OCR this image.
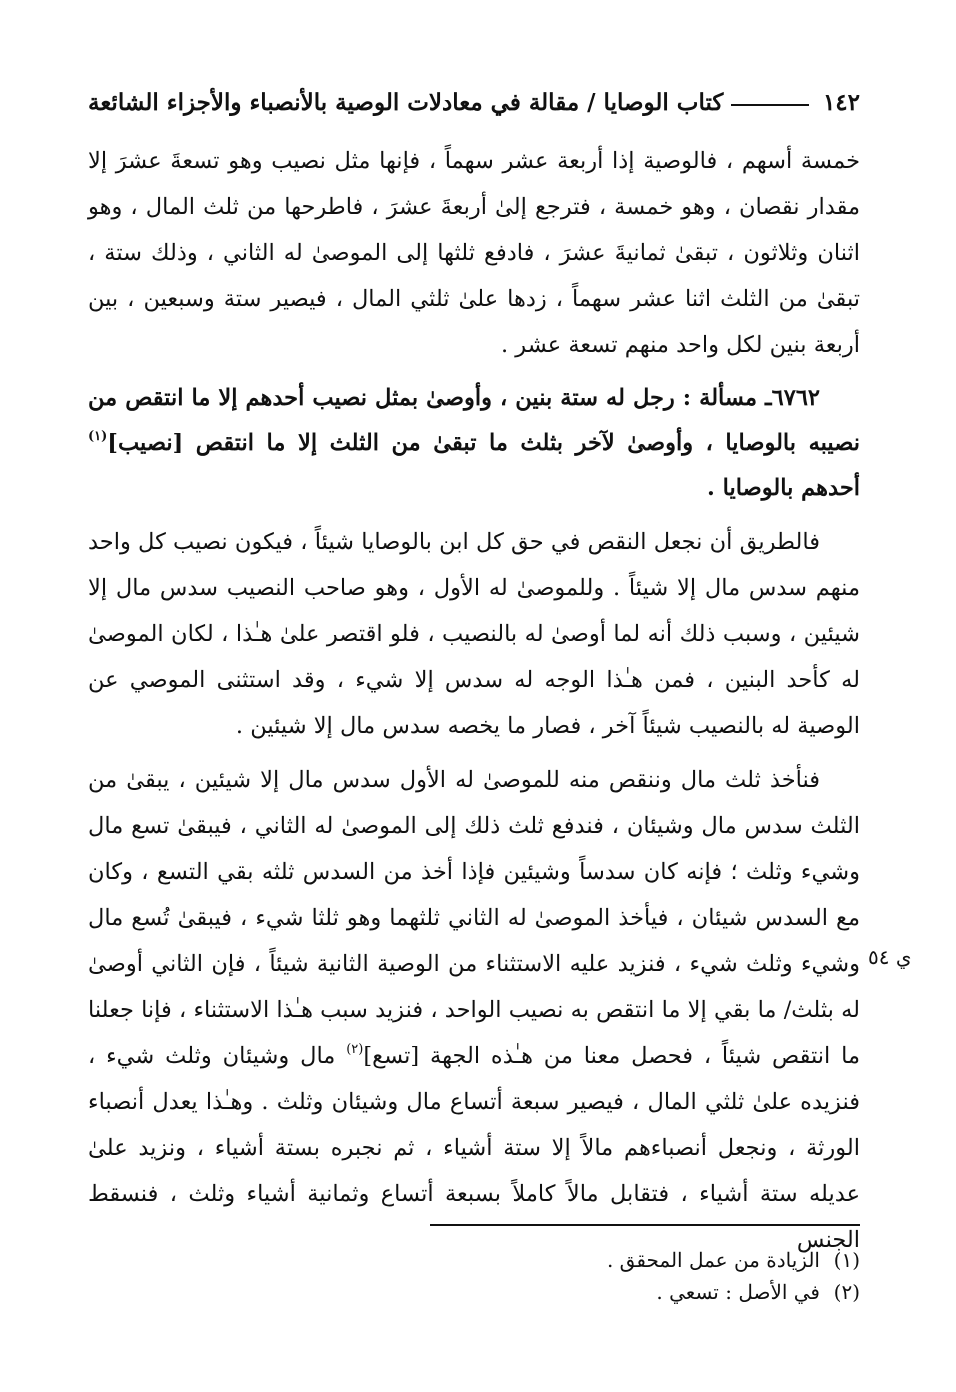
١٤٢
كتاب الوصايا / مقالة في معادلات الوصية بالأنصباء والأجزاء الشائعة

خمسة أسهم ، فالوصية إذا أربعة عشر سهماً ، فإنها مثل نصيب وهو تسعةَ عشرَ إلا مقدار نقصان ، وهو خمسة ، فترجع إلىٰ أربعةَ عشرَ ، فاطرحها من ثلث المال ، وهو اثنان وثلاثون ، تبقىٰ ثمانيةَ عشرَ ، فادفع ثلثها إلى الموصىٰ له الثاني ، وذلك ستة ، تبقىٰ من الثلث اثنا عشر سهماً ، زدها علىٰ ثلثي المال ، فيصير ستة وسبعين ، بين أربعة بنين لكل واحد منهم تسعة عشر .

٦٧٦٢ـ مسألة : رجل له ستة بنين ، وأوصىٰ بمثل نصيب أحدهم إلا ما انتقص من نصيبه بالوصايا ، وأوصىٰ لآخر بثلث ما تبقىٰ من الثلث إلا ما انتقص [نصيب]$^{(١)}$ أحدهم بالوصايا .

فالطريق أن نجعل النقص في حق كل ابن بالوصايا شيئاً ، فيكون نصيب كل واحد منهم سدس مال إلا شيئاً . وللموصىٰ له الأول ، وهو صاحب النصيب سدس مال إلا شيئين ، وسبب ذلك أنه لما أوصىٰ له بالنصيب ، فلو اقتصر علىٰ هـٰذا ، لكان الموصىٰ له كأحد البنين ، فمن هـٰذا الوجه له سدس إلا شيء ، وقد استثنى الموصي عن الوصية له بالنصيب شيئاً آخر ، فصار ما يخصه سدس مال إلا شيئين .

فنأخذ ثلث مال وننقص منه للموصىٰ له الأول سدس مال إلا شيئين ، يبقىٰ من الثلث سدس مال وشيئان ، فندفع ثلث ذلك إلى الموصىٰ له الثاني ، فيبقىٰ تسع مال وشيء وثلث ؛ فإنه كان سدساً وشيئين فإذا أخذ من السدس ثلثه بقي التسع ، وكان مع السدس شيئان ، فيأخذ الموصىٰ له الثاني ثلثهما وهو ثلثا شيء ، فيبقىٰ تُسع مال وشيء وثلث شيء ، فنزيد عليه الاستثناء من الوصية الثانية شيئاً ، فإن الثاني أوصىٰ له بثلث/ ما بقي إلا ما انتقص به نصيب الواحد ، فنزيد سبب هـٰذا الاستثناء ، فإنا جعلنا ما انتقص شيئاً ، فحصل معنا من هـٰذه الجهة [تسع]$^{(٢)}$ مال وشيئان وثلث شيء ، فنزيده علىٰ ثلثي المال ، فيصير سبعة أتساع مال وشيئان وثلث . وهـٰذا يعدل أنصباء الورثة ، ونجعل أنصباءهم مالاً إلا ستة أشياء ، ثم نجبره بستة أشياء ، ونزيد علىٰ عديله ستة أشياء ، فتقابل مالاً كاملاً بسبعة أتساع وثمانية أشياء وثلث ، فنسقط الجنس

ي ٥٤
(١)الزيادة من عمل المحقق .
(٢)في الأصل : تسعي .
